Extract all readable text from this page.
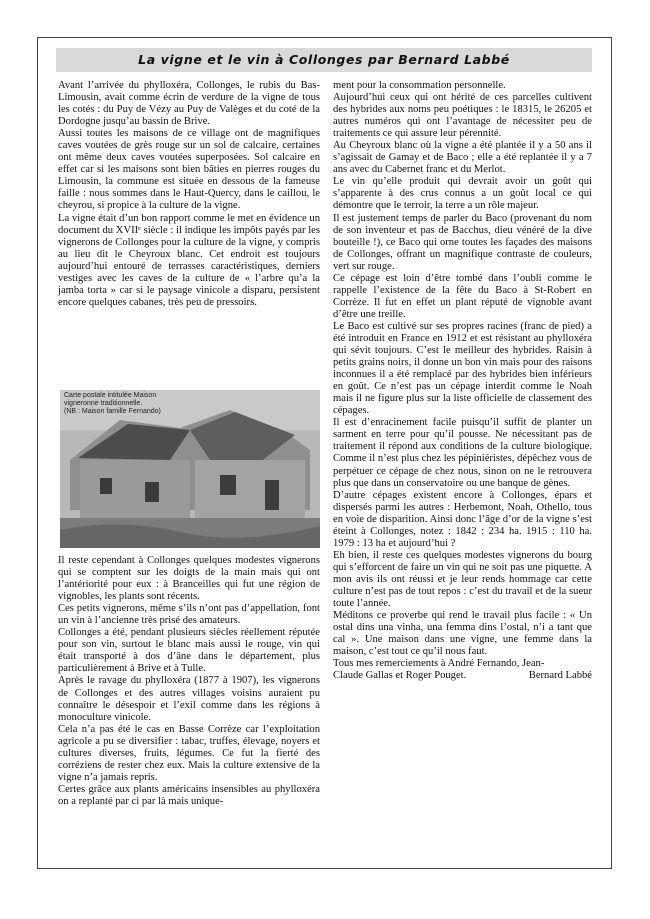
La vigne et le vin à Collonges par Bernard Labbé

Avant l’arrivée du phylloxéra, Collonges, le rubis du Bas-Limousin, avait comme écrin de verdure de la vigne de tous les cotés : du Puy de Vézy au Puy de Valèges et du coté de la Dordogne jusqu’au bassin de Brive.

Aussi toutes les maisons de ce village ont de magnifiques caves voutées de grès rouge sur un sol de calcaire, certaines ont même deux caves voutées superposées. Sol calcaire en effet car si les maisons sont bien bâties en pierres rouges du Limousin, la commune est située en dessous de la fameuse faille : nous sommes dans le Haut-Quercy, dans le caillou, le cheyrou, si propice à la culture de la vigne.

La vigne était d’un bon rapport comme le met en évidence un document du XVIIᵉ siècle : il indique les impôts payés par les vignerons de Collonges pour la culture de la vigne, y compris au lieu dit le Cheyroux blanc. Cet endroit est toujours aujourd’hui entouré de terrasses caractéristiques, derniers vestiges avec les caves de la culture de « l’arbre qu’a la jamba torta » car si le paysage vinicole a disparu, persistent encore quelques cabanes, très peu de pressoirs.

Carte postale intitulée Maison
vigneronne traditionnelle.
(NB : Maison famille Fernando)

Il reste cependant à Collonges quelques modestes vignerons qui se comptent sur les doigts de la main mais qui ont l’antériorité pour eux : à Branceilles qui fut une région de vignobles, les plants sont récents.

Ces petits vignerons, même s’ils n’ont pas d’appellation, font un vin à l’ancienne très prisé des amateurs.

Collonges a été, pendant plusieurs siècles réellement réputée pour son vin, surtout le blanc mais aussi le rouge, vin qui était transporté à dos d’âne dans le département, plus particulièrement à Brive et à Tulle.

Après le ravage du phylloxéra (1877 à 1907), les vignerons de Collonges et des autres villages voisins auraient pu connaître le désespoir et l’exil comme dans les régions à monoculture vinicole.

Cela n’a pas été le cas en Basse Corrèze car l’exploitation agricole a pu se diversifier : tabac, truffes, élevage, noyers et cultures diverses, fruits, légumes. Ce fut la fierté des corréziens de rester chez eux. Mais la culture extensive de la vigne n’a jamais repris.

Certes grâce aux plants américains insensibles au phylloxéra on a replanté par ci par là mais unique-

ment pour la consommation personnelle.

Aujourd’hui ceux qui ont hérité de ces parcelles cultivent des hybrides aux noms peu poétiques : le 18315, le 26205 et autres numéros qui ont l’avantage de nécessiter peu de traitements ce qui assure leur pérennité.

Au Cheyroux blanc où la vigne a été plantée il y a 50 ans il s’agissait de Gamay et de Baco ; elle a été replantée il y a 7 ans avec du Cabernet franc et du Merlot.

Le vin qu’elle produit qui devrait avoir un goût qui s’apparente à des crus connus a un goût local ce qui démontre que le terroir, la terre a un rôle majeur.

Il est justement temps de parler du Baco (provenant du nom de son inventeur et pas de Bacchus, dieu vénéré de la dive bouteille !), ce Baco qui orne toutes les façades des maisons de Collonges, offrant un magnifique contraste de couleurs, vert sur rouge.

Ce cépage est loin d’être tombé dans l’oubli comme le rappelle l’existence de la fête du Baco à St-Robert en Corrèze. Il fut en effet un plant réputé de vignoble avant d’être une treille.

Le Baco est cultivé sur ses propres racines (franc de pied) a été introduit en France en 1912 et est résistant au phylloxéra qui sévit toujours. C’est le meilleur des hybrides. Raisin à petits grains noirs, il donne un bon vin mais pour des raisons inconnues il a été remplacé par des hybrides bien inférieurs en goût. Ce n’est pas un cépage interdit comme le Noah mais il ne figure plus sur la liste officielle de classement des cépages.

Il est d’enracinement facile puisqu’il suffit de planter un sarment en terre pour qu’il pousse. Ne nécessitant pas de traitement il répond aux conditions de la culture biologique. Comme il n’est plus chez les pépiniéristes, dépêchez vous de perpétuer ce cépage de chez nous, sinon on ne le retrouvera plus que dans un conservatoire ou une banque de gènes.

D’autre cépages existent encore à Collonges, épars et dispersés parmi les autres : Herbemont, Noah, Othello, tous en voie de disparition. Ainsi donc l’âge d’or de la vigne s’est éteint à Collonges, notez : 1842 : 234 ha. 1915 : 110 ha. 1979 : 13 ha et aujourd’hui ?

Eh bien, il reste ces quelques modestes vignerons du bourg qui s’efforcent de faire un vin qui ne soit pas une piquette. A mon avis ils ont réussi et je leur rends hommage car cette culture n’est pas de tout repos : c’est du travail et de la sueur toute l’année.

Méditons ce proverbe qui rend le travail plus facile : « Un ostal dins una vinha, una femma dins l’ostal, n’i a tant que cal ». Une maison dans une vigne, une femme dans la maison, c’est tout ce qu’il nous faut.

Tous mes remerciements à André Fernando, Jean-

Claude Gallas et Roger Pouget.	Bernard Labbé
